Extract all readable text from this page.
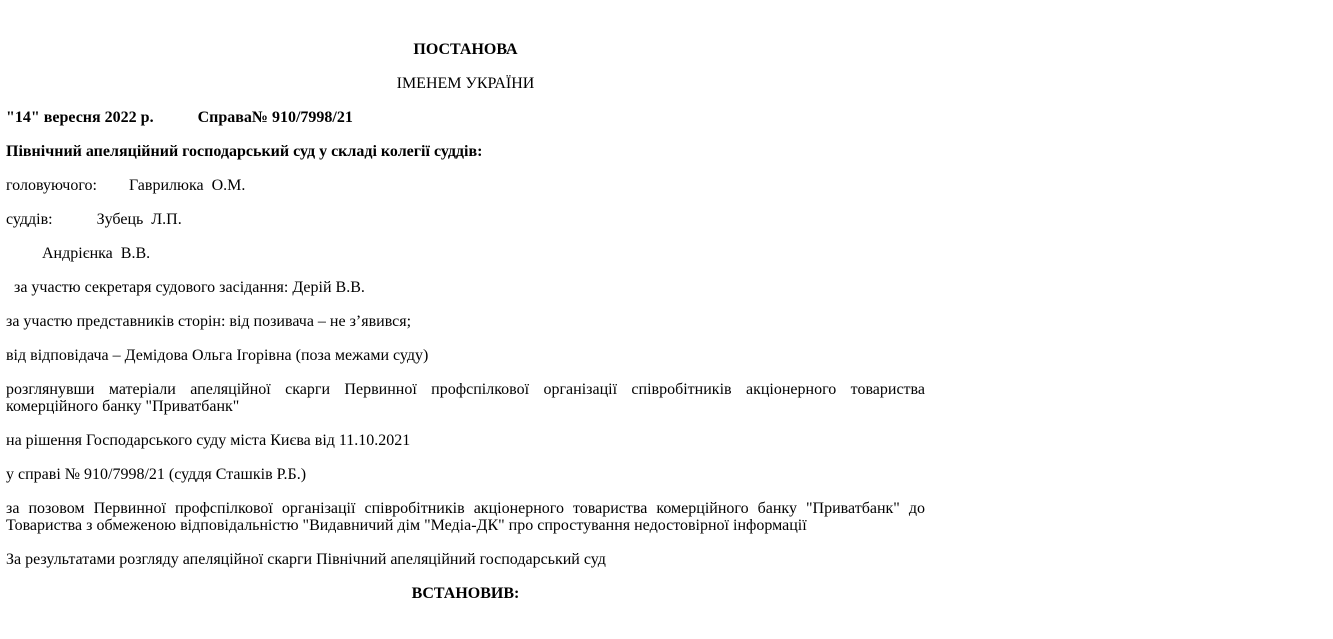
ПОСТАНОВА

ІМЕНЕМ УКРАЇНИ

"14" вересня 2022 р.           Справа№ 910/7998/21

Північний апеляційний господарський суд у складі колегії суддів:

головуючого:        Гаврилюка  О.М.

суддів:           Зубець  Л.П.

Андрієнка  В.В.

за участю секретаря судового засідання: Дерій В.В.

за участю представників сторін: від позивача – не з’явився;

від відповідача – Демідова Ольга Ігорівна (поза межами суду)

розглянувши матеріали апеляційної скарги Первинної профспілкової організації співробітників акціонерного товариства комерційного банку "Приватбанк"

на рішення Господарського суду міста Києва від 11.10.2021

у справі № 910/7998/21 (суддя Сташків Р.Б.)

за позовом Первинної профспілкової організації співробітників акціонерного товариства комерційного банку "Приватбанк" до Товариства з обмеженою відповідальністю "Видавничий дім "Медіа-ДК" про спростування недостовірної інформації

За результатами розгляду апеляційної скарги Північний апеляційний господарський суд

ВСТАНОВИВ:
